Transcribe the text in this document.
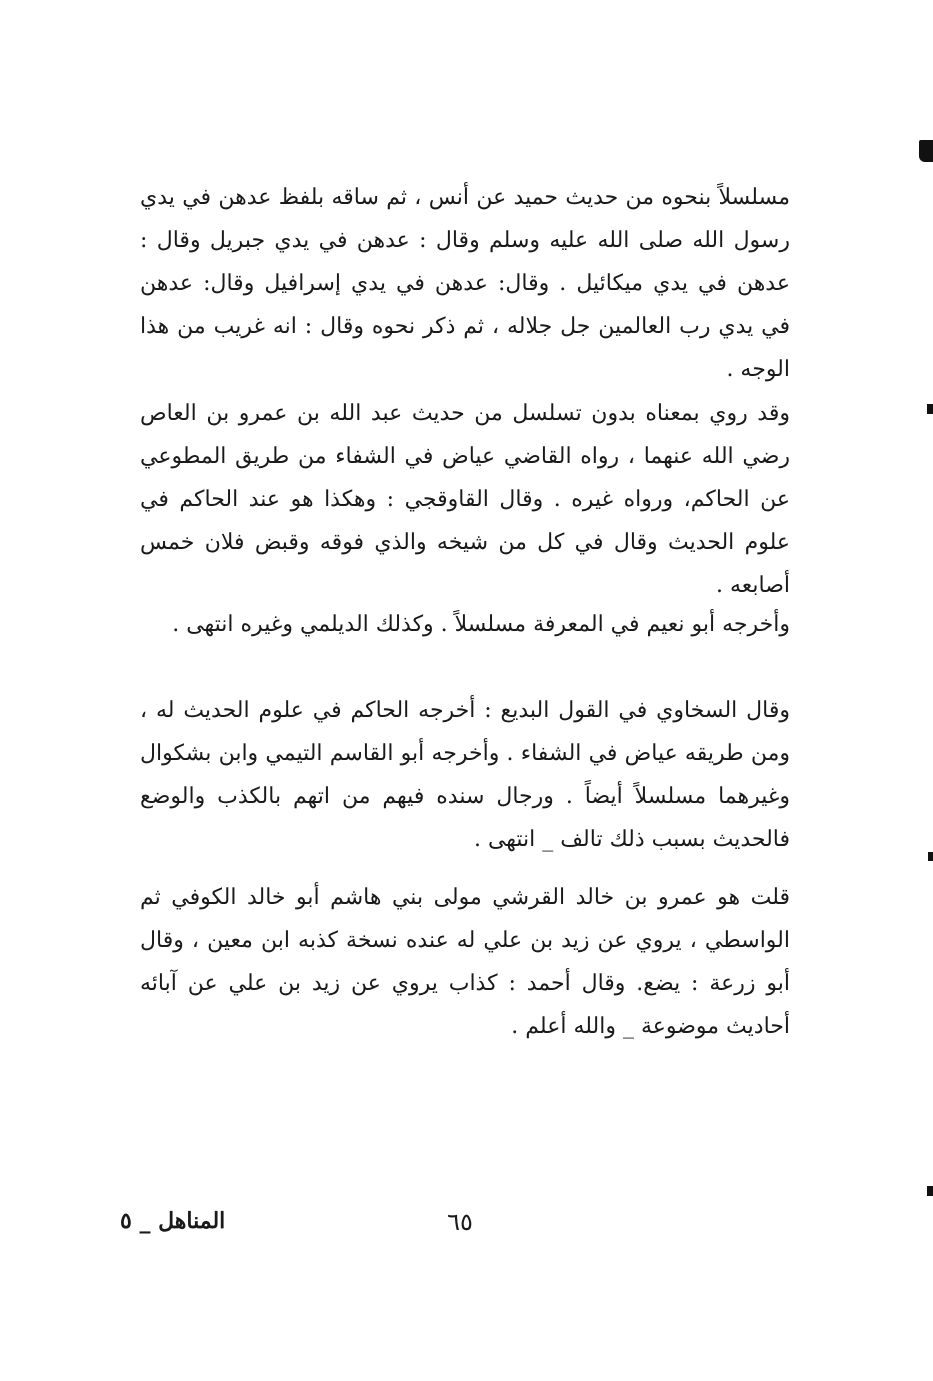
مسلسلاً بنحوه من حديث حميد عن أنس ، ثم ساقه بلفظ عدهن في يدي رسول الله صلى الله عليه وسلم وقال : عدهن في يدي جبريل وقال : عدهن في يدي ميكائيل . وقال: عدهن في يدي إسرافيل وقال: عدهن في يدي رب العالمين جل جلاله ، ثم ذكر نحوه وقال : انه غريب من هذا الوجه .

وقد روي بمعناه بدون تسلسل من حديث عبد الله بن عمرو بن العاص رضي الله عنهما ، رواه القاضي عياض في الشفاء من طريق المطوعي عن الحاكم، ورواه غيره . وقال القاوقجي : وهكذا هو عند الحاكم في علوم الحديث وقال في كل من شيخه والذي فوقه وقبض فلان خمس أصابعه .

وأخرجه أبو نعيم في المعرفة مسلسلاً . وكذلك الديلمي وغيره انتهى .

وقال السخاوي في القول البديع : أخرجه الحاكم في علوم الحديث له ، ومن طريقه عياض في الشفاء . وأخرجه أبو القاسم التيمي وابن بشكوال وغيرهما مسلسلاً أيضاً . ورجال سنده فيهم من اتهم بالكذب والوضع فالحديث بسبب ذلك تالف _ انتهى .

قلت هو عمرو بن خالد القرشي مولى بني هاشم أبو خالد الكوفي ثم الواسطي ، يروي عن زيد بن علي له عنده نسخة كذبه ابن معين ، وقال أبو زرعة : يضع. وقال أحمد : كذاب يروي عن زيد بن علي عن آبائه أحاديث موضوعة _ والله أعلم .

٦٥
المناهل _ ٥
